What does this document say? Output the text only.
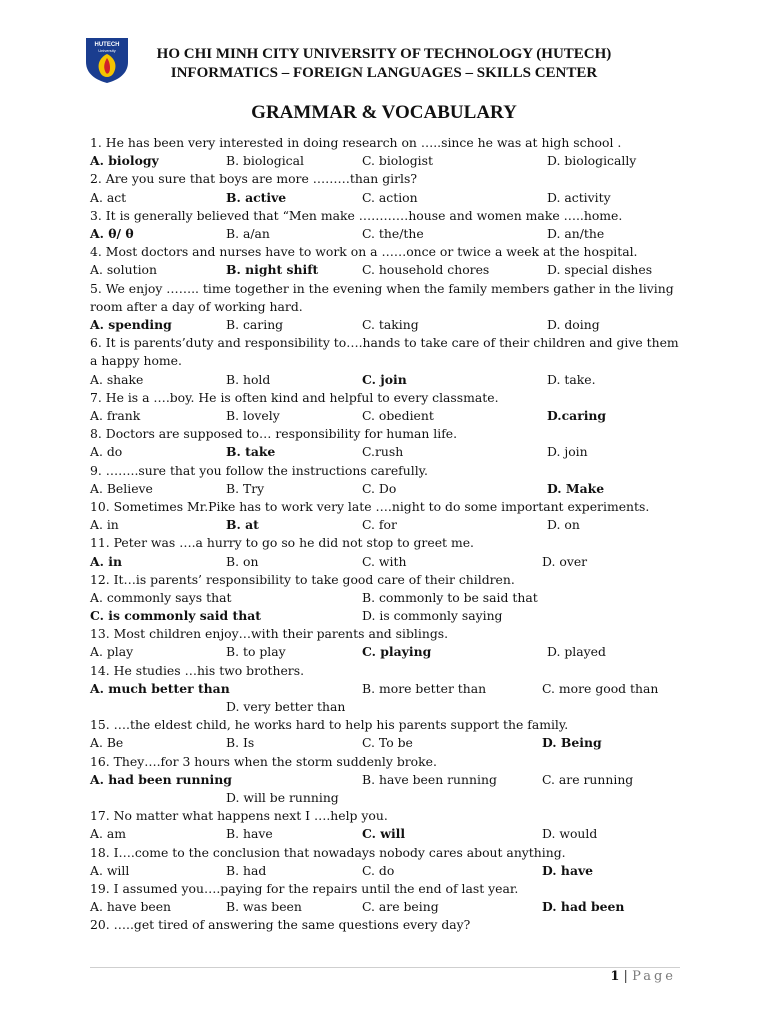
HUTECH
University	HO CHI MINH CITY UNIVERSITY OF TECHNOLOGY (HUTECH)
INFORMATICS – FOREIGN LANGUAGES – SKILLS CENTER
GRAMMAR & VOCABULARY
1. He has been very interested in doing research on …..since he was at high school .
A. biology	B. biological	C. biologist	D. biologically
2. Are you sure that boys are more ………than girls?
A. act	B. active	C. action	D. activity
3. It is generally believed that “Men make …………house and women make …..home.
A. θ/ θ	B. a/an	C. the/the	D. an/the
4. Most doctors and nurses have to work on a ……once or twice a week at the hospital.
A. solution	B. night shift	C. household chores	D. special dishes
5. We enjoy …….. time together in the evening when the family members gather in the living room after a day of working hard.
A. spending	B. caring	C. taking	D. doing
6. It is parents’duty and responsibility to….hands to take care of their children and give them a happy home.
A. shake	B. hold	C. join	D. take.
7. He is a ….boy. He is often kind and helpful to every classmate.
A. frank	B. lovely	C. obedient	D.caring
8. Doctors are supposed to… responsibility for human life.
A. do	B. take	C.rush	D. join
9. ……..sure that you follow the instructions carefully.
A. Believe	B. Try	C. Do	D. Make
10. Sometimes Mr.Pike has to work very late ….night to do some important experiments.
A. in	B. at	C. for	D. on
11. Peter was ….a hurry to go so he did not stop to greet me.
A. in	B. on	C. with	D. over
12. It…is parents’ responsibility to take good care of their children.
A. commonly says that	B. commonly to be said that
C. is commonly said that	D. is commonly saying
13. Most children enjoy…with their parents and siblings.
A. play	B. to play	C. playing	D. played
14. He studies …his two brothers.
A. much better than	B. more better than	C. more good than
D. very better than
15. ….the eldest child, he works hard to help his parents support the family.
A. Be	B. Is	C. To be	D. Being
16. They….for 3 hours when the storm suddenly broke.
A. had been running	B. have been running	C. are running
D. will be running
17. No matter what happens next I ….help you.
A. am	B. have	C. will	D. would
18. I….come to the conclusion that nowadays nobody cares about anything.
A. will	B. had	C. do	D. have
19. I assumed you….paying for the repairs until the end of last year.
A. have been	B. was been	C. are being	D. had been
20. …..get tired of answering the same questions every day?
1 | Page
